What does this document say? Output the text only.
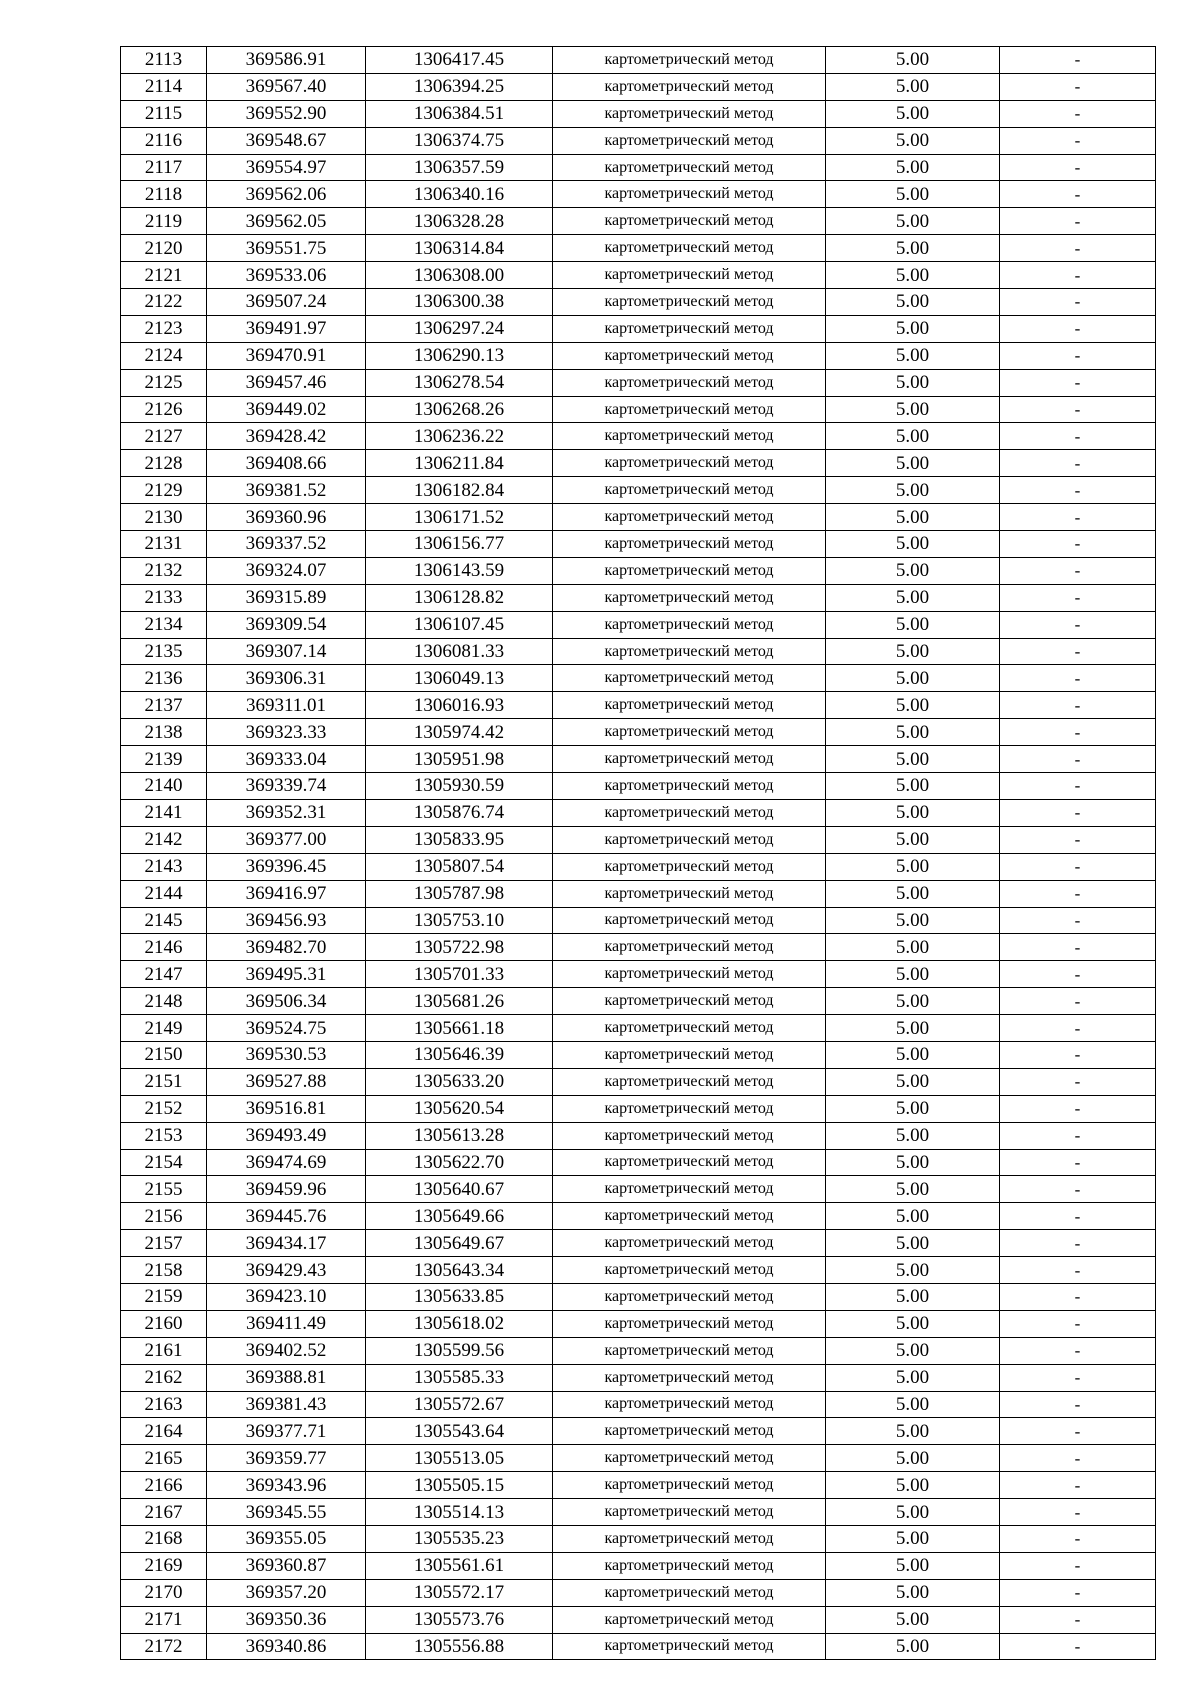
2113	369586.91	1306417.45	картометрический метод	5.00	-
2114	369567.40	1306394.25	картометрический метод	5.00	-
2115	369552.90	1306384.51	картометрический метод	5.00	-
2116	369548.67	1306374.75	картометрический метод	5.00	-
2117	369554.97	1306357.59	картометрический метод	5.00	-
2118	369562.06	1306340.16	картометрический метод	5.00	-
2119	369562.05	1306328.28	картометрический метод	5.00	-
2120	369551.75	1306314.84	картометрический метод	5.00	-
2121	369533.06	1306308.00	картометрический метод	5.00	-
2122	369507.24	1306300.38	картометрический метод	5.00	-
2123	369491.97	1306297.24	картометрический метод	5.00	-
2124	369470.91	1306290.13	картометрический метод	5.00	-
2125	369457.46	1306278.54	картометрический метод	5.00	-
2126	369449.02	1306268.26	картометрический метод	5.00	-
2127	369428.42	1306236.22	картометрический метод	5.00	-
2128	369408.66	1306211.84	картометрический метод	5.00	-
2129	369381.52	1306182.84	картометрический метод	5.00	-
2130	369360.96	1306171.52	картометрический метод	5.00	-
2131	369337.52	1306156.77	картометрический метод	5.00	-
2132	369324.07	1306143.59	картометрический метод	5.00	-
2133	369315.89	1306128.82	картометрический метод	5.00	-
2134	369309.54	1306107.45	картометрический метод	5.00	-
2135	369307.14	1306081.33	картометрический метод	5.00	-
2136	369306.31	1306049.13	картометрический метод	5.00	-
2137	369311.01	1306016.93	картометрический метод	5.00	-
2138	369323.33	1305974.42	картометрический метод	5.00	-
2139	369333.04	1305951.98	картометрический метод	5.00	-
2140	369339.74	1305930.59	картометрический метод	5.00	-
2141	369352.31	1305876.74	картометрический метод	5.00	-
2142	369377.00	1305833.95	картометрический метод	5.00	-
2143	369396.45	1305807.54	картометрический метод	5.00	-
2144	369416.97	1305787.98	картометрический метод	5.00	-
2145	369456.93	1305753.10	картометрический метод	5.00	-
2146	369482.70	1305722.98	картометрический метод	5.00	-
2147	369495.31	1305701.33	картометрический метод	5.00	-
2148	369506.34	1305681.26	картометрический метод	5.00	-
2149	369524.75	1305661.18	картометрический метод	5.00	-
2150	369530.53	1305646.39	картометрический метод	5.00	-
2151	369527.88	1305633.20	картометрический метод	5.00	-
2152	369516.81	1305620.54	картометрический метод	5.00	-
2153	369493.49	1305613.28	картометрический метод	5.00	-
2154	369474.69	1305622.70	картометрический метод	5.00	-
2155	369459.96	1305640.67	картометрический метод	5.00	-
2156	369445.76	1305649.66	картометрический метод	5.00	-
2157	369434.17	1305649.67	картометрический метод	5.00	-
2158	369429.43	1305643.34	картометрический метод	5.00	-
2159	369423.10	1305633.85	картометрический метод	5.00	-
2160	369411.49	1305618.02	картометрический метод	5.00	-
2161	369402.52	1305599.56	картометрический метод	5.00	-
2162	369388.81	1305585.33	картометрический метод	5.00	-
2163	369381.43	1305572.67	картометрический метод	5.00	-
2164	369377.71	1305543.64	картометрический метод	5.00	-
2165	369359.77	1305513.05	картометрический метод	5.00	-
2166	369343.96	1305505.15	картометрический метод	5.00	-
2167	369345.55	1305514.13	картометрический метод	5.00	-
2168	369355.05	1305535.23	картометрический метод	5.00	-
2169	369360.87	1305561.61	картометрический метод	5.00	-
2170	369357.20	1305572.17	картометрический метод	5.00	-
2171	369350.36	1305573.76	картометрический метод	5.00	-
2172	369340.86	1305556.88	картометрический метод	5.00	-
